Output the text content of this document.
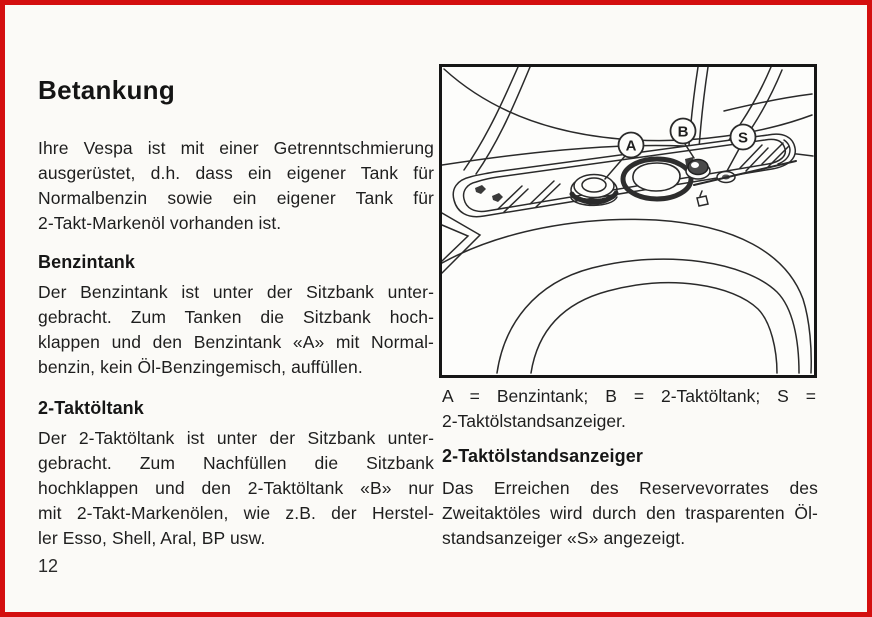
Betankung
Ihre Vespa ist mit einer Getrenntschmierung
ausgerüstet, d.h. dass ein eigener Tank für
Normalbenzin sowie ein eigener Tank für
2-Takt-Markenöl vorhanden ist.
Benzintank
Der Benzintank ist unter der Sitzbank unter-
gebracht. Zum Tanken die Sitzbank hoch-
klappen und den Benzintank «A» mit Normal-
benzin, kein Öl-Benzingemisch, auffüllen.
2-Taktöltank
Der 2-Taktöltank ist unter der Sitzbank unter-
gebracht. Zum Nachfüllen die Sitzbank
hochklappen und den 2-Taktöltank «B» nur
mit 2-Takt-Markenölen, wie z.B. der Herstel-
ler Esso, Shell, Aral, BP usw.
12
A
B	S
A = Benzintank; B = 2-Taktöltank; S =
2-Taktölstandsanzeiger.
2-Taktölstandsanzeiger
Das Erreichen des Reservevorrates des
Zweitaktöles wird durch den trasparenten Öl-
standsanzeiger «S» angezeigt.
